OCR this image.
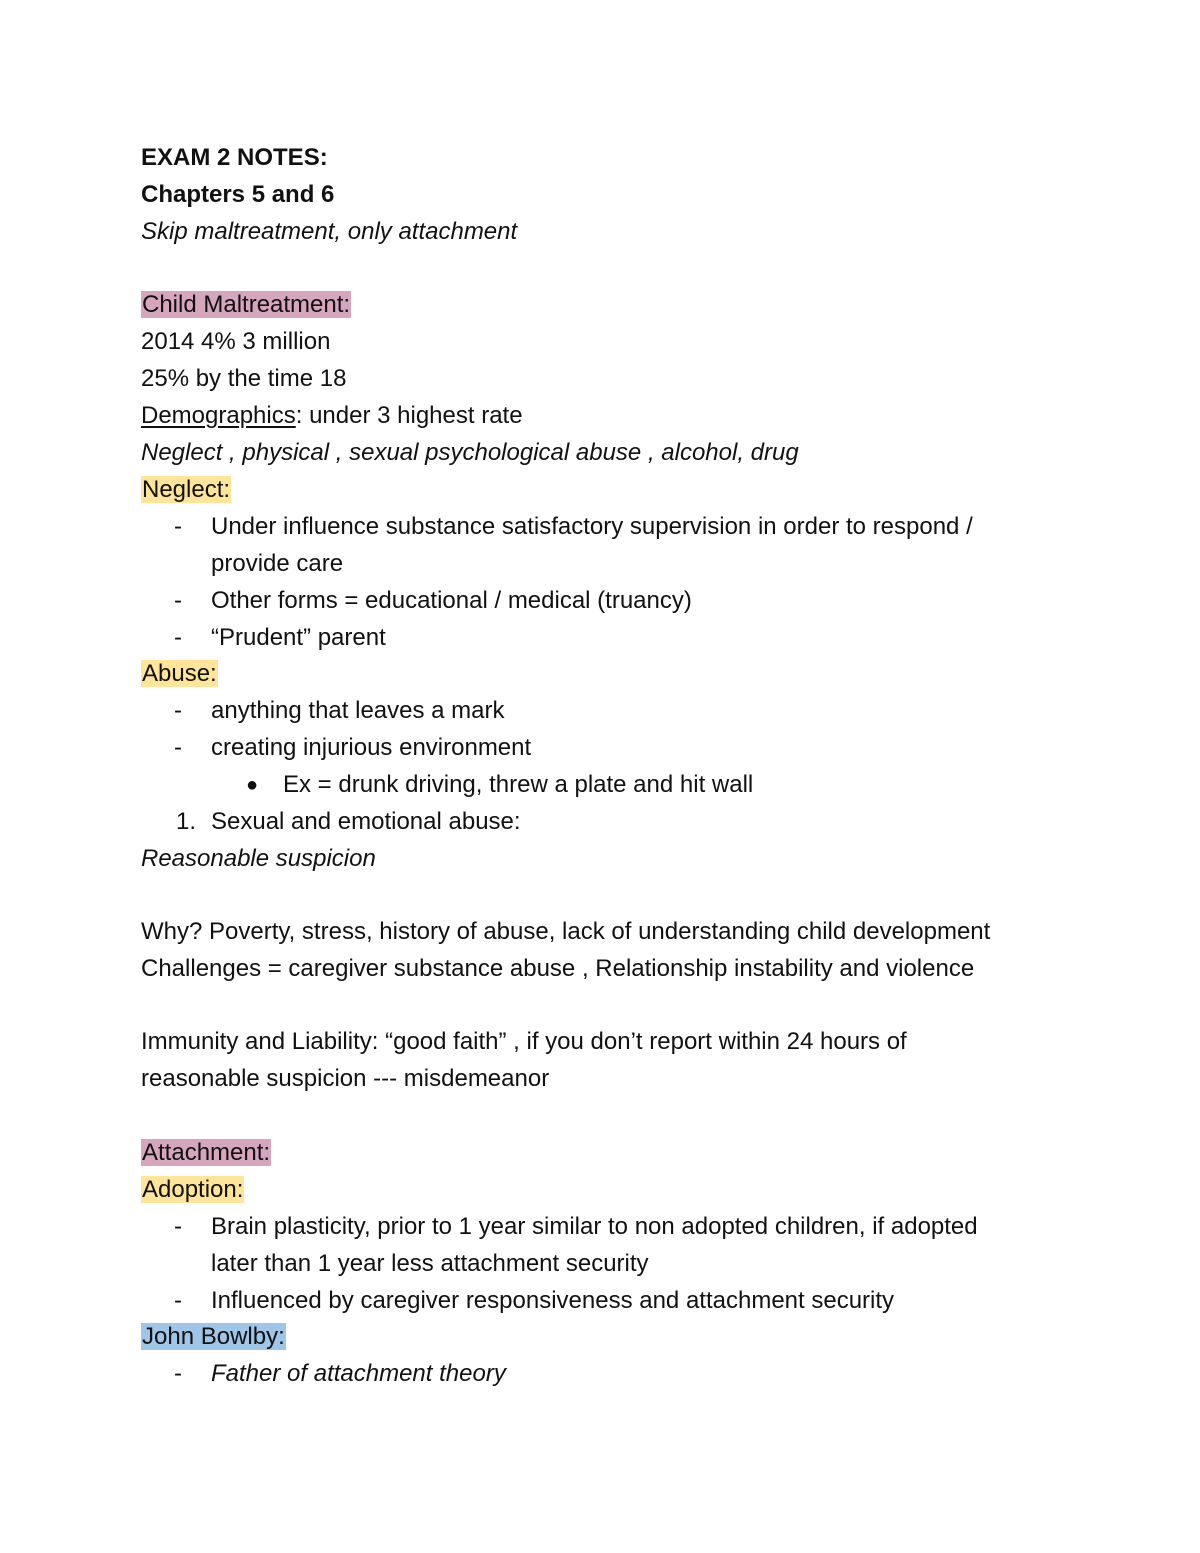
EXAM 2 NOTES:
Chapters 5 and 6
Skip maltreatment, only attachment
Child Maltreatment:
2014 4% 3 million
25% by the time 18
Demographics: under 3 highest rate
Neglect , physical , sexual psychological abuse , alcohol, drug
Neglect:
- Under influence substance satisfactory supervision in order to respond /
provide care
- Other forms = educational / medical (truancy)
- “Prudent” parent
Abuse:
- anything that leaves a mark
- creating injurious environment
● Ex = drunk driving, threw a plate and hit wall
1. Sexual and emotional abuse:
Reasonable suspicion
Why? Poverty, stress, history of abuse, lack of understanding child development
Challenges = caregiver substance abuse , Relationship instability and violence
Immunity and Liability: “good faith” , if you don’t report within 24 hours of
reasonable suspicion --- misdemeanor
Attachment:
Adoption:
- Brain plasticity, prior to 1 year similar to non adopted children, if adopted
later than 1 year less attachment security
- Influenced by caregiver responsiveness and attachment security
John Bowlby:
- Father of attachment theory
